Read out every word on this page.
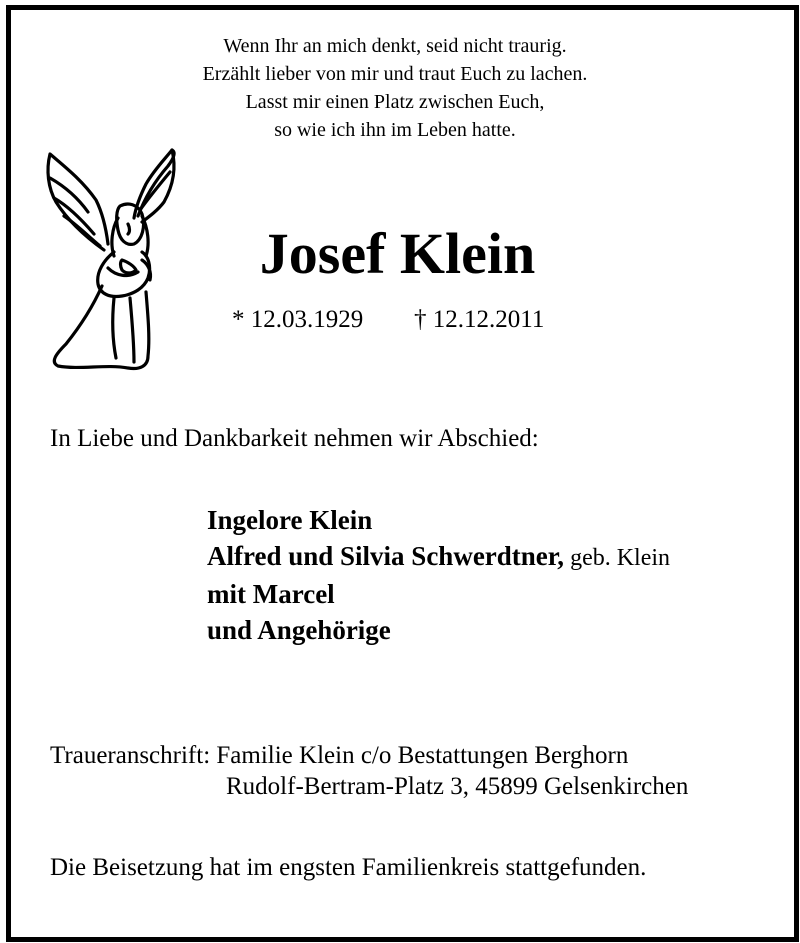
Wenn Ihr an mich denkt, seid nicht traurig.
Erzählt lieber von mir und traut Euch zu lachen.
Lasst mir einen Platz zwischen Euch,
so wie ich ihn im Leben hatte.
Josef Klein
* 12.03.1929 † 12.12.2011
In Liebe und Dankbarkeit nehmen wir Abschied:
Ingelore Klein
Alfred und Silvia Schwerdtner, geb. Klein
mit Marcel
und Angehörige
Traueranschrift: Familie Klein c/o Bestattungen Berghorn
Rudolf-Bertram-Platz 3, 45899 Gelsenkirchen
Die Beisetzung hat im engsten Familienkreis stattgefunden.
